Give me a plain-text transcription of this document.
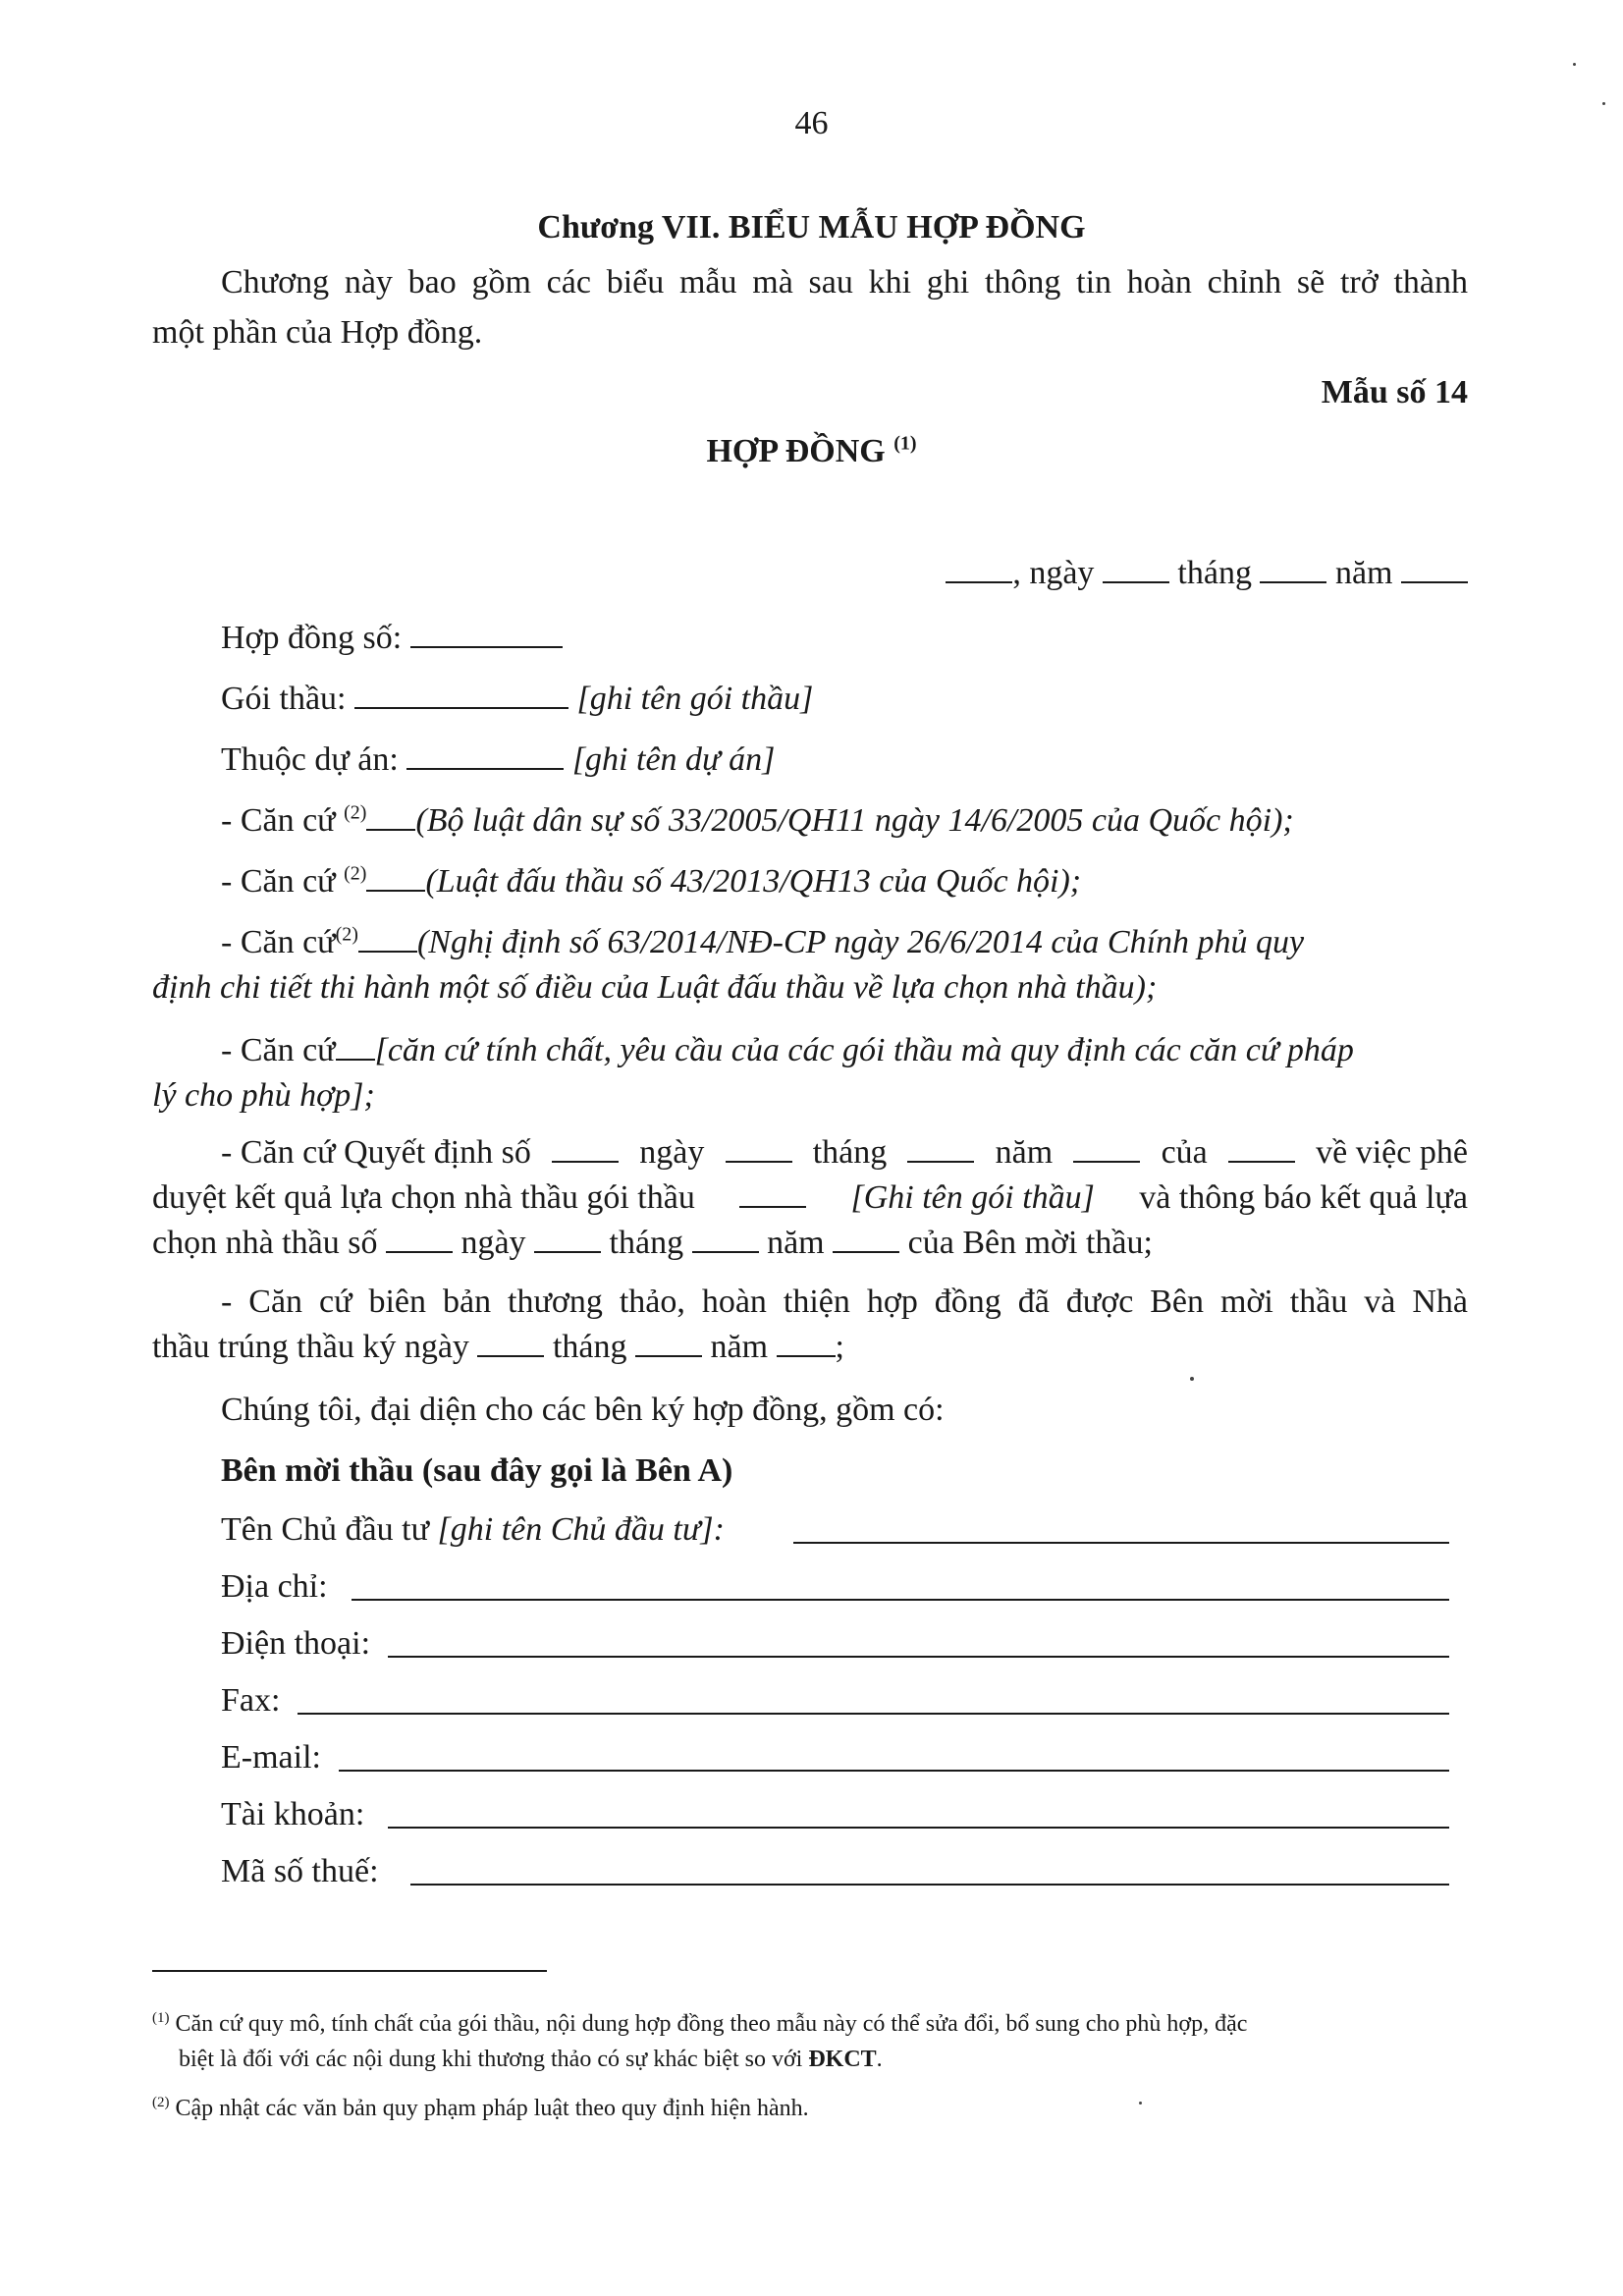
46
Chương VII. BIỂU MẪU HỢP ĐỒNG
Chương này bao gồm các biểu mẫu mà sau khi ghi thông tin hoàn chỉnh sẽ trở thành
một phần của Hợp đồng.
Mẫu số 14
HỢP ĐỒNG $^{(1)}$
, ngày	tháng	năm
Hợp đồng số:
Gói thầu:	[ghi tên gói thầu]
Thuộc dự án:	[ghi tên dự án]
- Căn cứ $^{(2)}$ (Bộ luật dân sự số 33/2005/QH11 ngày 14/6/2005 của Quốc hội);
- Căn cứ $^{(2)}$ (Luật đấu thầu số 43/2013/QH13 của Quốc hội);
- Căn cứ$^{(2)}$ (Nghị định số 63/2014/NĐ-CP ngày 26/6/2014 của Chính phủ quy
định chi tiết thi hành một số điều của Luật đấu thầu về lựa chọn nhà thầu);
- Căn cứ [căn cứ tính chất, yêu cầu của các gói thầu mà quy định các căn cứ pháp
lý cho phù hợp];
- Căn cứ Quyết định số	ngày	tháng	năm	của	về việc phê
duyệt kết quả lựa chọn nhà thầu gói thầu	[Ghi tên gói thầu] và thông báo kết quả lựa
chọn nhà thầu số	ngày	tháng	năm	của Bên mời thầu;
- Căn cứ biên bản thương thảo, hoàn thiện hợp đồng đã được Bên mời thầu và Nhà
thầu trúng thầu ký ngày	tháng	năm ;
Chúng tôi, đại diện cho các bên ký hợp đồng, gồm có:
Bên mời thầu (sau đây gọi là Bên A)
Tên Chủ đầu tư [ghi tên Chủ đầu tư]:
Địa chỉ:
Điện thoại:
Fax:
E-mail:
Tài khoản:
Mã số thuế:
$^{(1)}$ Căn cứ quy mô, tính chất của gói thầu, nội dung hợp đồng theo mẫu này có thể sửa đổi, bổ sung cho phù hợp, đặc
biệt là đối với các nội dung khi thương thảo có sự khác biệt so với ĐKCT.
$^{(2)}$ Cập nhật các văn bản quy phạm pháp luật theo quy định hiện hành.
